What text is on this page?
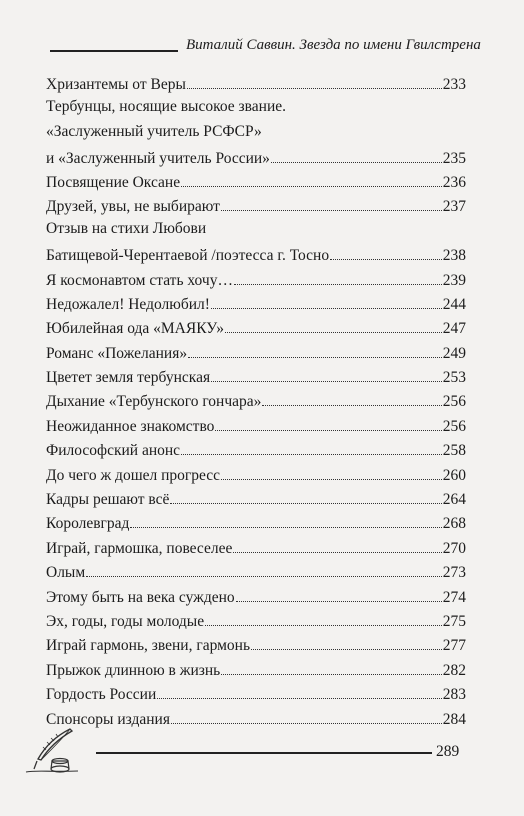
Виталий Саввин. Звезда по имени Гвилстрена
Хризантемы от Веры	233
Тербунцы, носящие высокое звание.
«Заслуженный учитель РСФСР»
и «Заслуженный учитель России»	235
Посвящение Оксане	236
Друзей, увы, не выбирают	237
Отзыв на стихи Любови
Батищевой-Черентаевой /поэтесса г. Тосно	238
Я космонавтом стать хочу…	239
Недожалел! Недолюбил!	244
Юбилейная ода «МАЯКУ»	247
Романс «Пожелания»	249
Цветет земля тербунская	253
Дыхание «Тербунского гончара»	256
Неожиданное знакомство	256
Философский анонс	258
До чего ж дошел прогресс	260
Кадры решают всё	264
Королевград	268
Играй, гармошка, повеселее	270
Олым	273
Этому быть на века суждено	274
Эх, годы, годы молодые	275
Играй гармонь, звени, гармонь	277
Прыжок длинною в жизнь	282
Гордость России	283
Спонсоры издания	284
289
